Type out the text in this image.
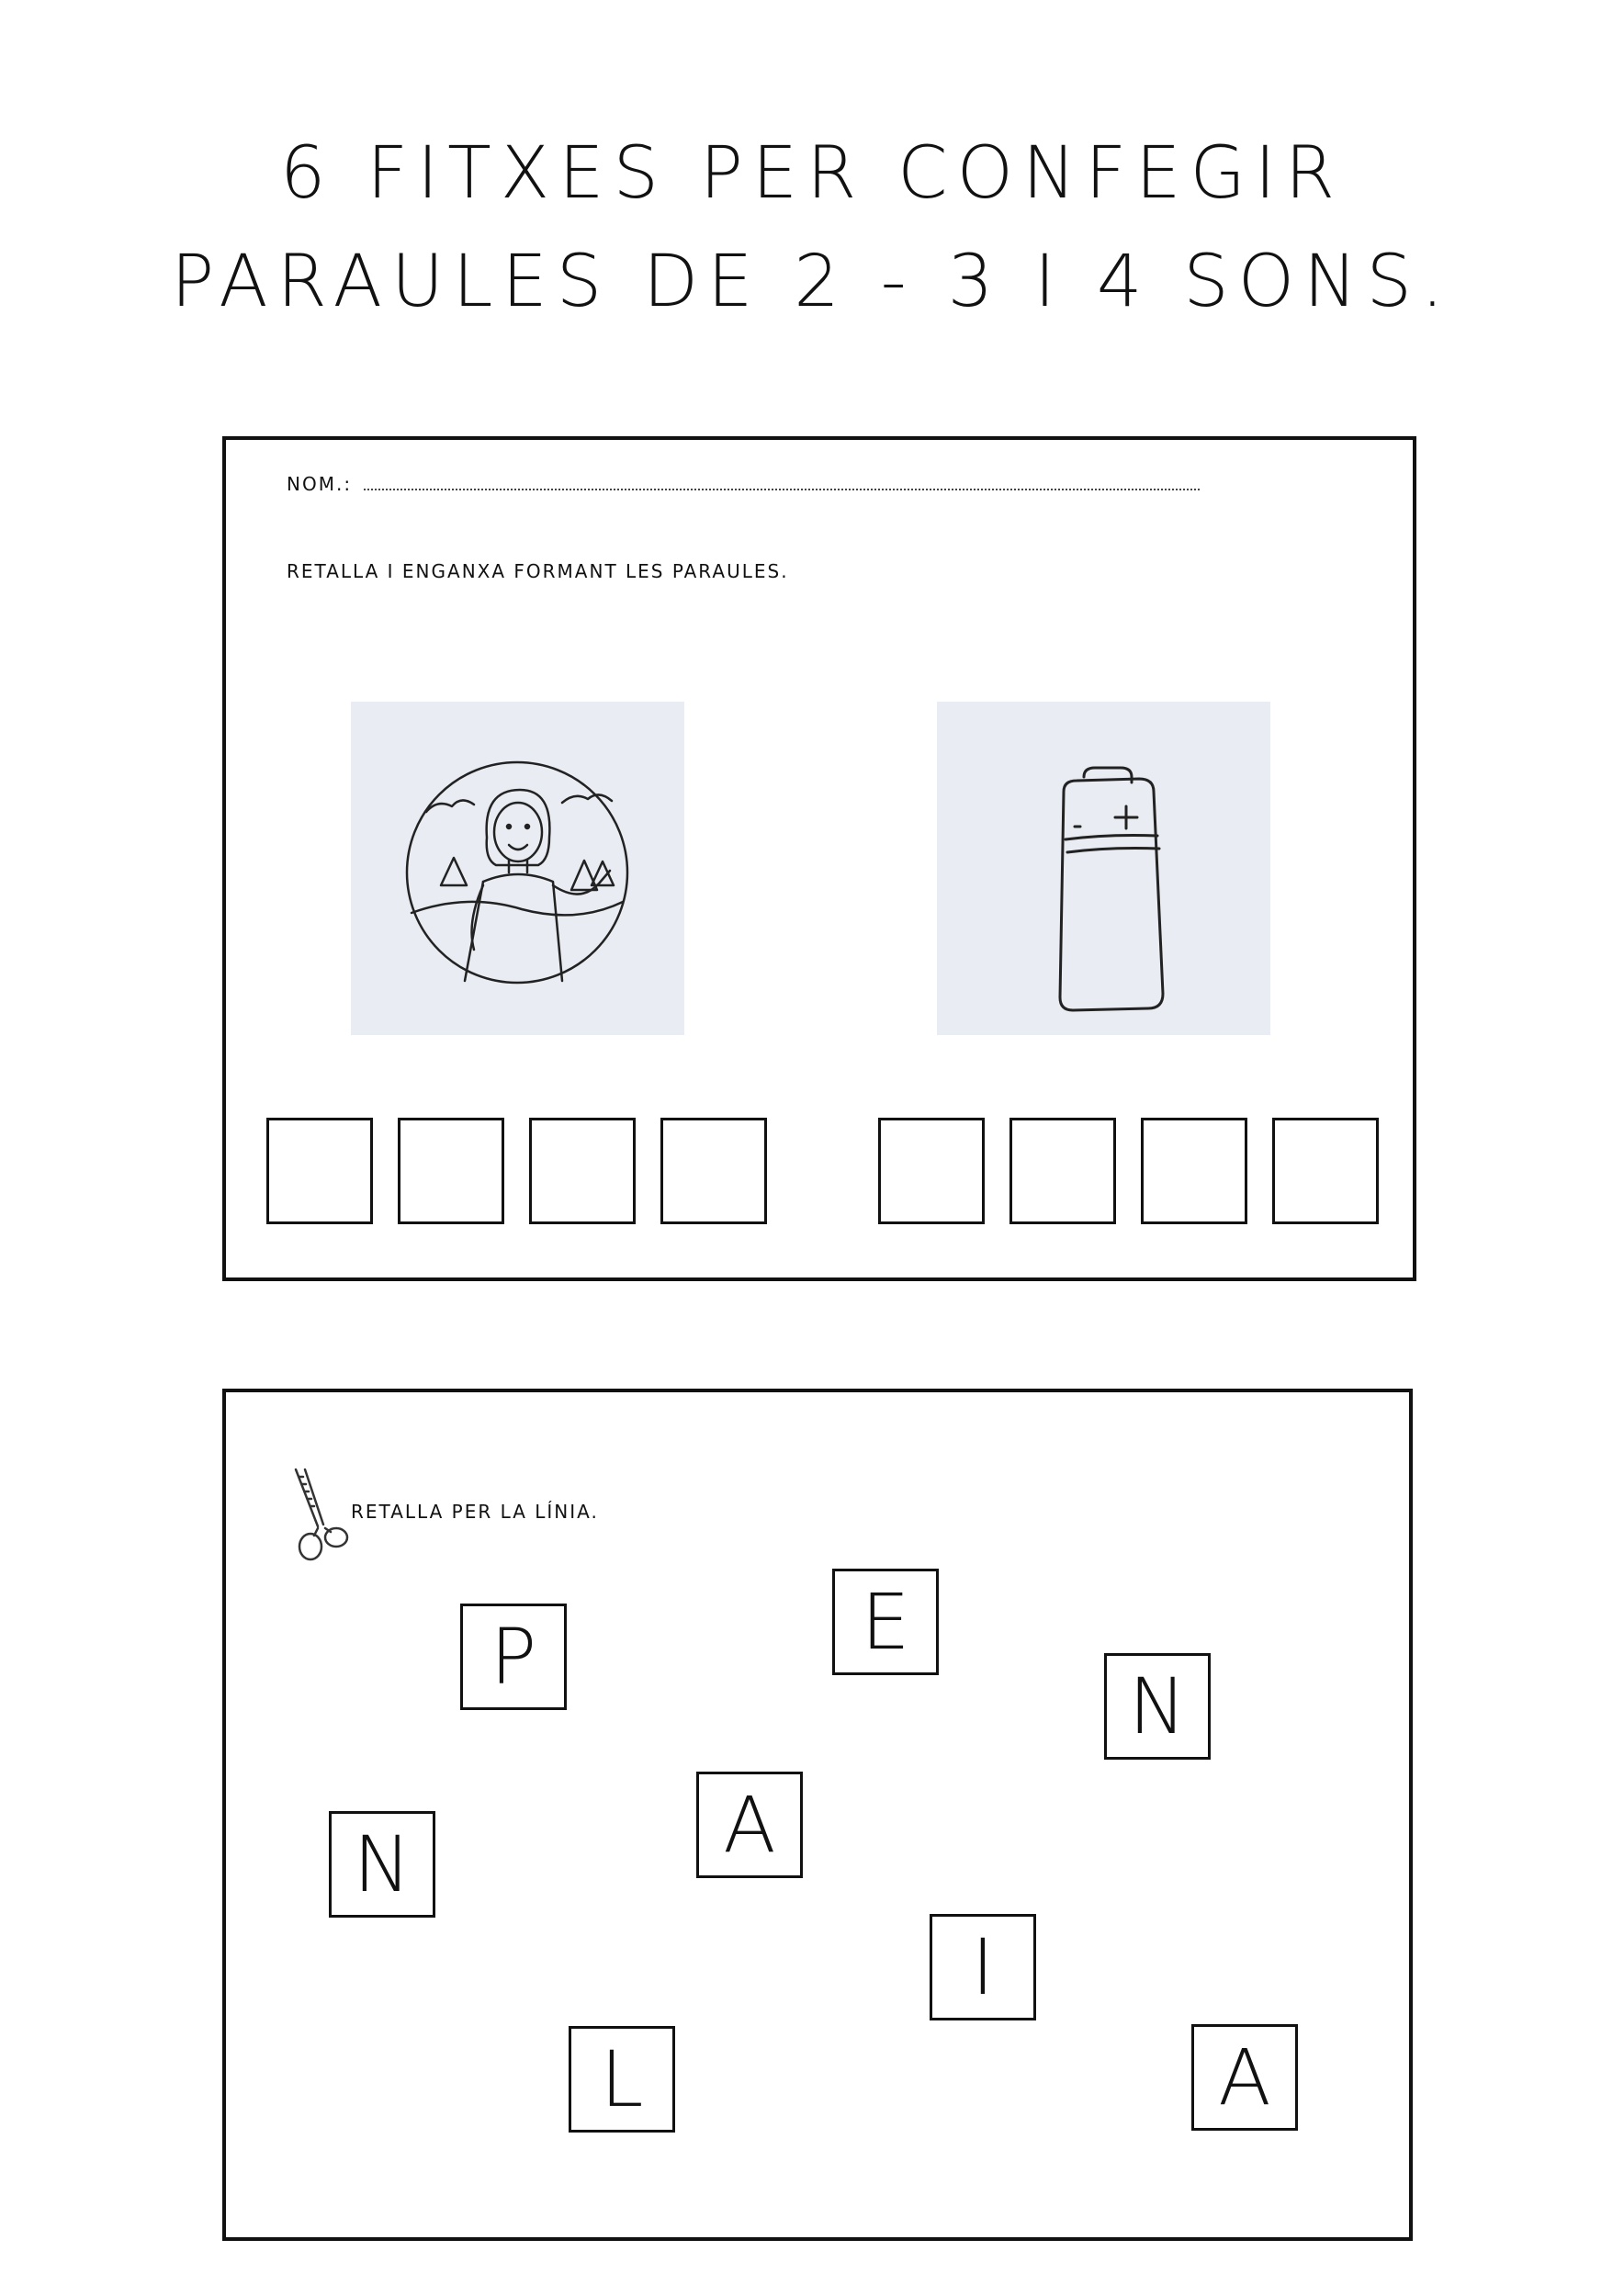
6 FITXES PER CONFEGIR
PARAULES DE 2 - 3 I 4 SONS.
NOM.:
RETALLA I ENGANXA FORMANT LES PARAULES.
RETALLA PER LA LÍNIA.
P	E
N
N	A
I
L	A
